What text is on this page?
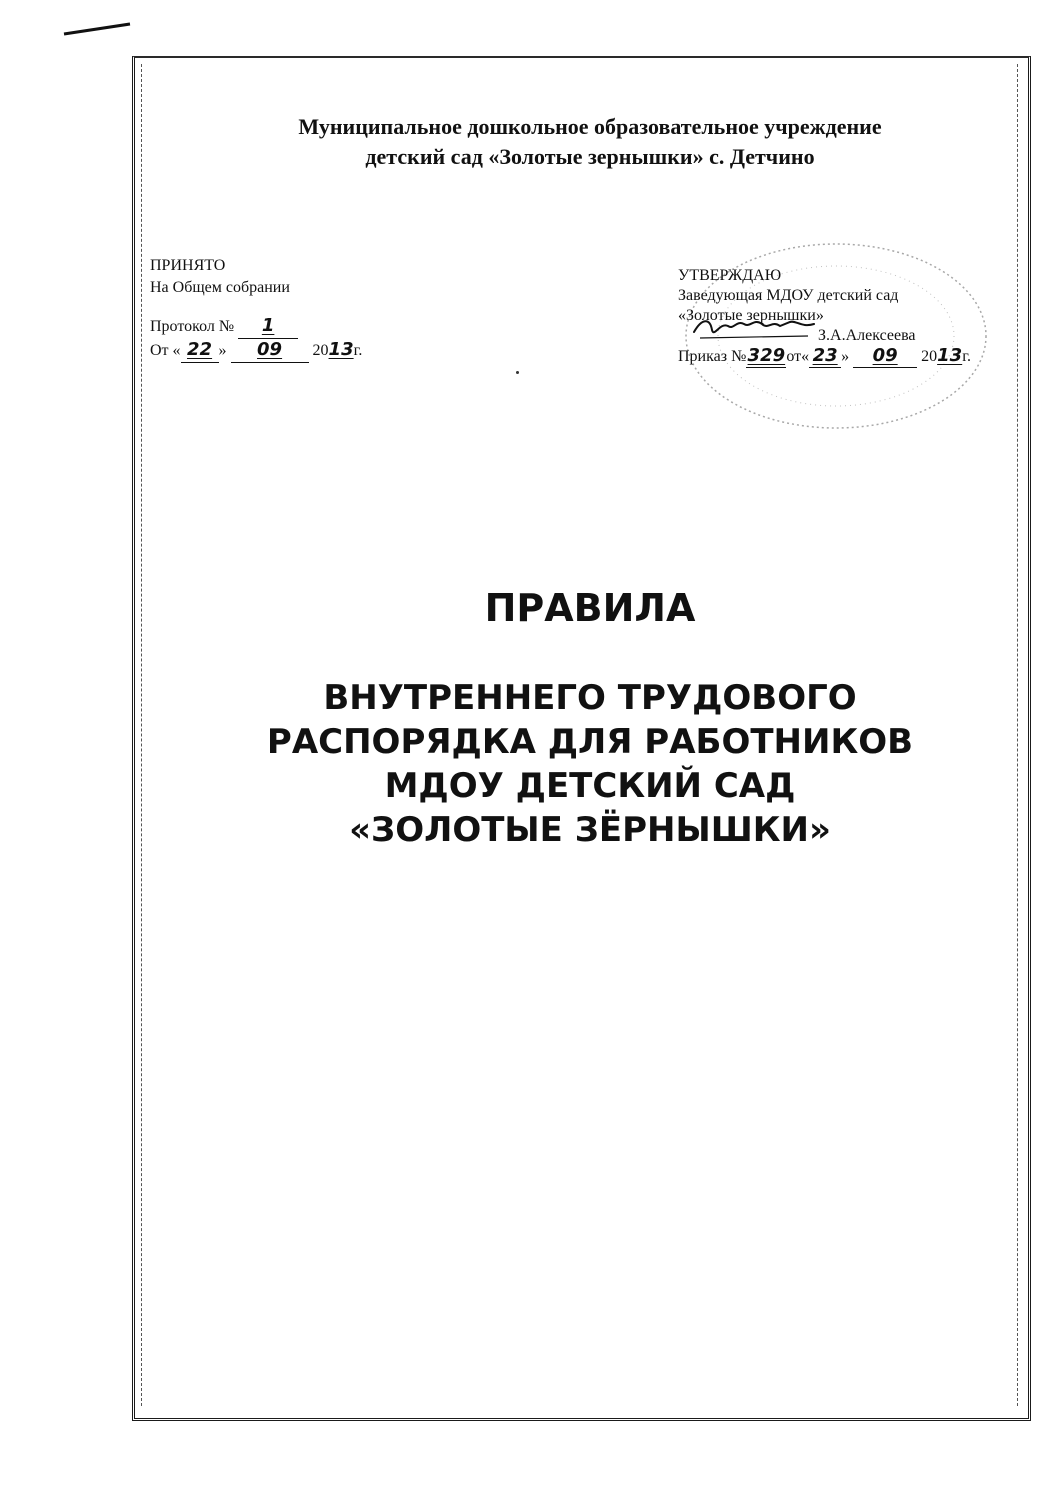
Муниципальное дошкольное образовательное учреждение
детский сад «Золотые зернышки» с. Детчино
ПРИНЯТО
На Общем собрании
Протокол № 1
От « 22 » 09 2013г.
УТВЕРЖДАЮ
Заведующая МДОУ детский сад
«Золотые зернышки»
З.А.Алексеева
Приказ №329от« 23 » 09 2013г.
ПРАВИЛА
ВНУТРЕННЕГО ТРУДОВОГО
РАСПОРЯДКА ДЛЯ РАБОТНИКОВ
МДОУ ДЕТСКИЙ САД
«ЗОЛОТЫЕ ЗЁРНЫШКИ»
